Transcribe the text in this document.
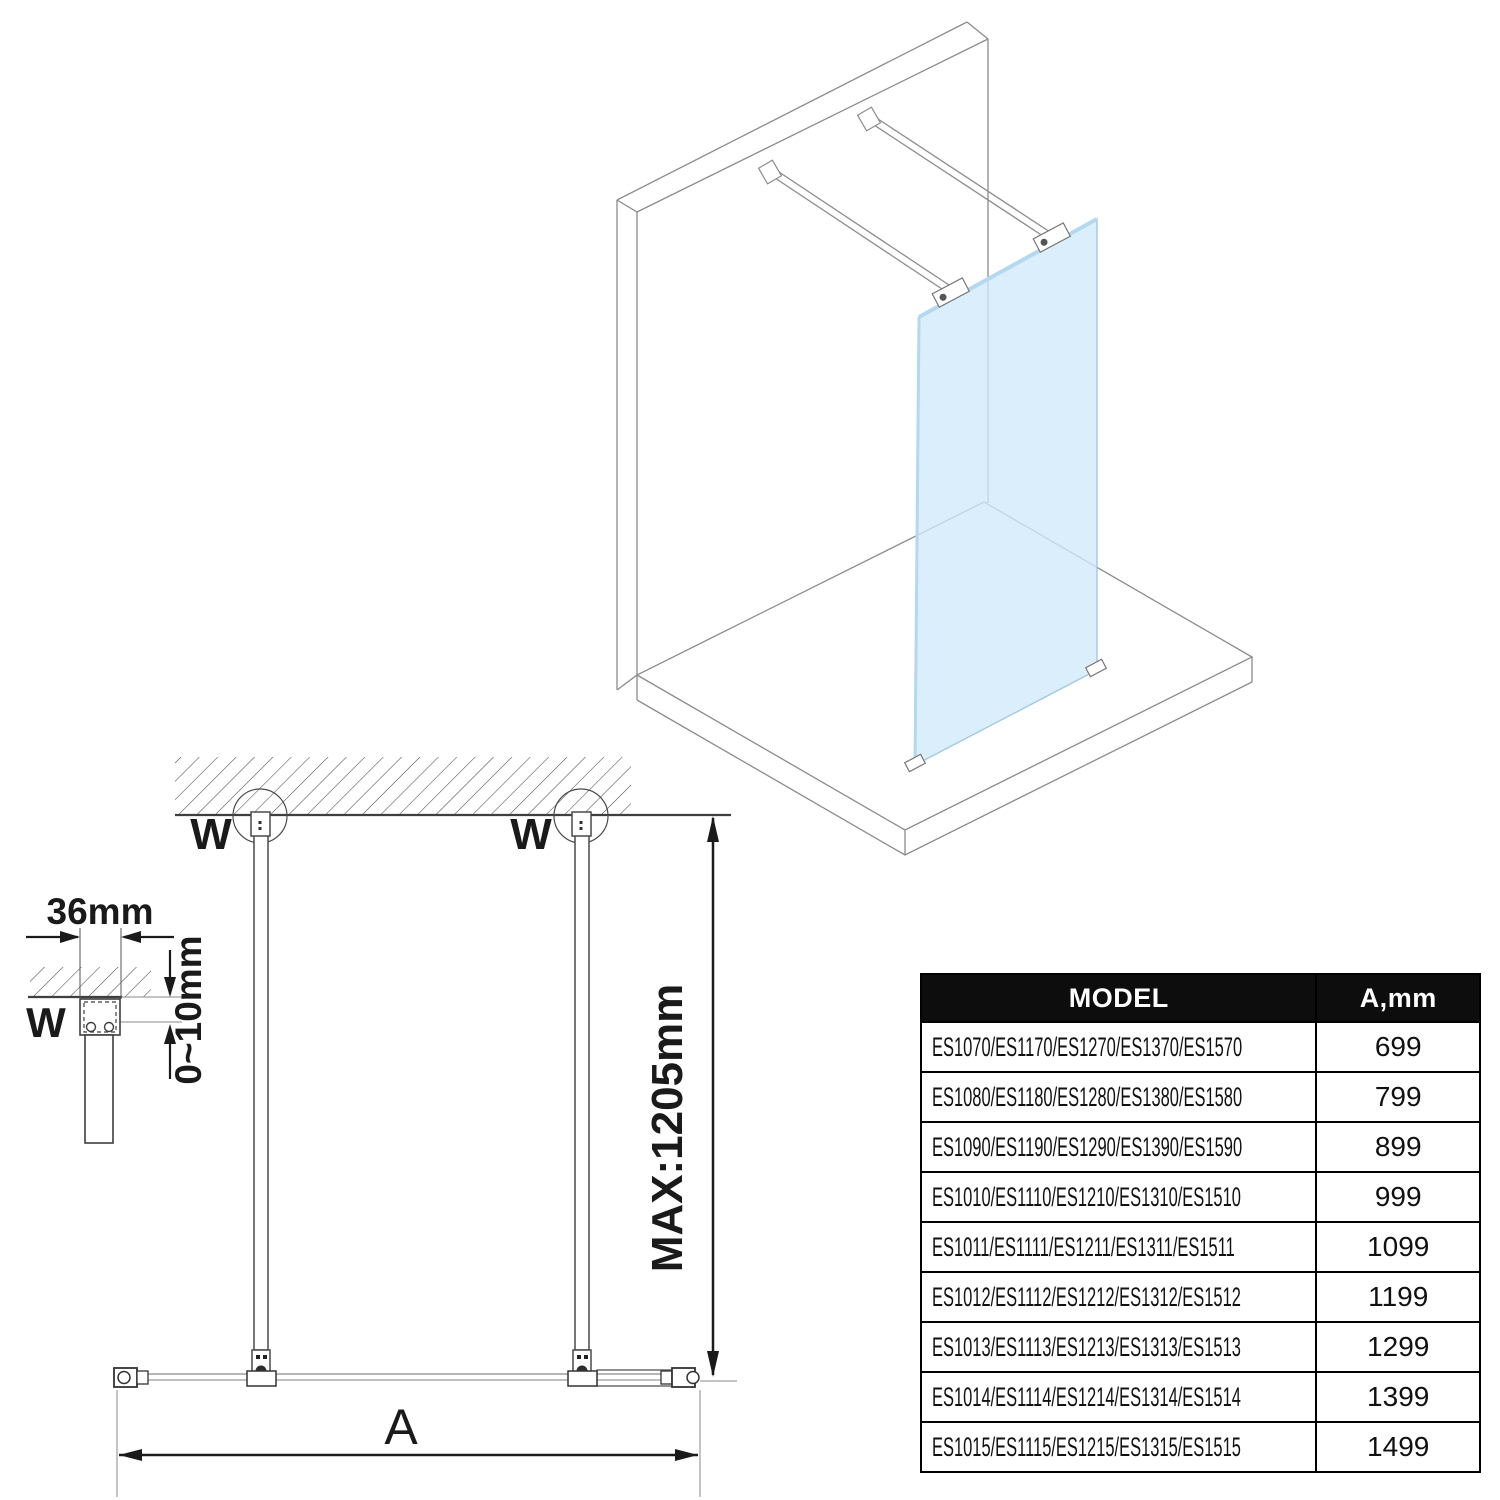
A
MAX:1205mm
W	W
36mm
0~10mm
W
MODEL	A,mm
ES1070/ES1170/ES1270/ES1370/ES1570	699
ES1080/ES1180/ES1280/ES1380/ES1580	799
ES1090/ES1190/ES1290/ES1390/ES1590	899
ES1010/ES1110/ES1210/ES1310/ES1510	999
ES1011/ES1111/ES1211/ES1311/ES1511	1099
ES1012/ES1112/ES1212/ES1312/ES1512	1199
ES1013/ES1113/ES1213/ES1313/ES1513	1299
ES1014/ES1114/ES1214/ES1314/ES1514	1399
ES1015/ES1115/ES1215/ES1315/ES1515	1499
